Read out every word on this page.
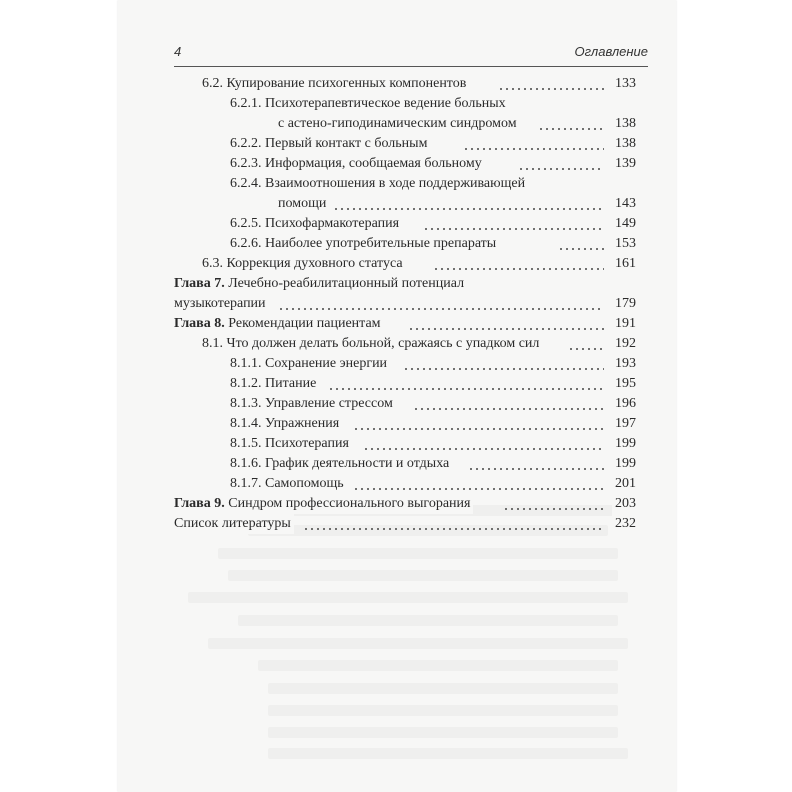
4	Оглавление
6.2. Купирование психогенных компонентов	133
6.2.1. Психотерапевтическое ведение больных
с астено-гиподинамическим синдромом	138
6.2.2. Первый контакт с больным	138
6.2.3. Информация, сообщаемая больному	139
6.2.4. Взаимоотношения в ходе поддерживающей
помощи	143
6.2.5. Психофармакотерапия	149
6.2.6. Наиболее употребительные препараты	153
6.3. Коррекция духовного статуса	161
Глава 7. Лечебно-реабилитационный потенциал
музыкотерапии	179
Глава 8. Рекомендации пациентам	191
8.1. Что должен делать больной, сражаясь с упадком сил	192
8.1.1. Сохранение энергии	193
8.1.2. Питание	195
8.1.3. Управление стрессом	196
8.1.4. Упражнения	197
8.1.5. Психотерапия	199
8.1.6. График деятельности и отдыха	199
8.1.7. Самопомощь	201
Глава 9. Синдром профессионального выгорания	203
Список литературы	232
